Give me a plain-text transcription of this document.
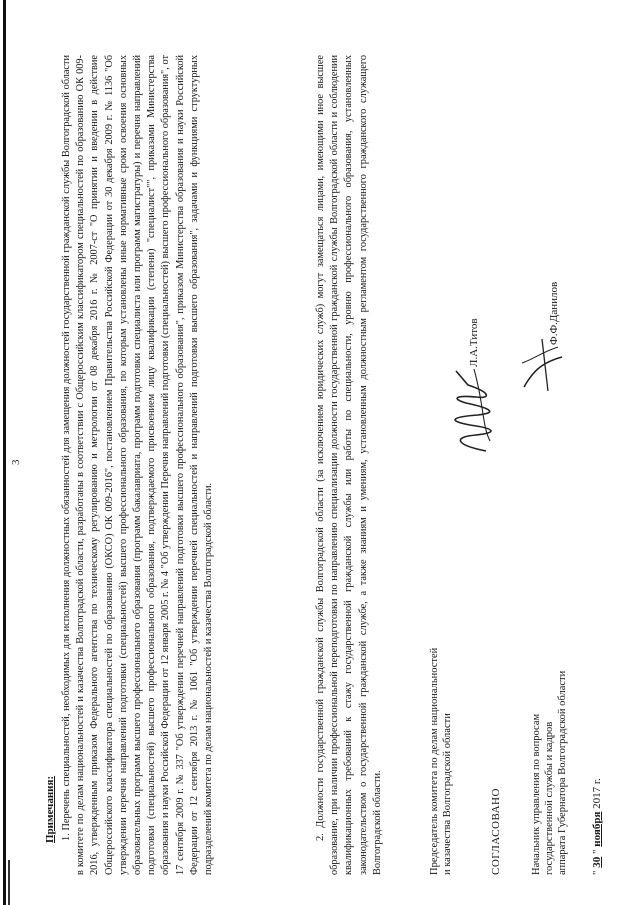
3
Примечания: 1. Перечень специальностей, необходимых для исполнения должностных обязанностей для замещения должностей государственной гражданской службы Волгоградской области в комитете по делам национальностей и казачества Волгоградской области, разработаны в соответствии с Общероссийским классификатором специальностей по образованию ОК 009-2016, утвержденным приказом Федерального агентства по техническому регулированию и метрологии от 08 декабря 2016 г. № 2007-ст "О принятии и введении в действие Общероссийского классификатора специальностей по образованию (ОКСО) ОК 009-2016", постановлением Правительства Российской Федерации от 30 декабря 2009 г. № 1136 "Об утверждении перечня направлений подготовки (специальностей) высшего профессионального образования, по которым установлены иные нормативные сроки освоения основных образовательных программ высшего профессионального образования (программ бакалавриата, программ подготовки специалиста или программ магистратуры) и перечня направлений подготовки (специальностей) высшего профессионального образования, подтверждаемого присвоением лицу квалификации (степени) "специалист"", приказами Министерства образования и науки Российской Федерации от 12 января 2005 г. № 4 "Об утверждении Перечня направлений подготовки (специальностей) высшего профессионального образования", от 17 сентября 2009 г. № 337 "Об утверждении перечней направлений подготовки высшего профессионального образования", приказом Министерства образования и науки Российской Федерации от 12 сентября 2013 г. № 1061 "Об утверждении перечней специальностей и направлений подготовки высшего образования", задачами и функциями структурных подразделений комитета по делам национальностей и казачества Волгоградской области.	2. Должности государственной гражданской службы Волгоградской области (за исключением юридических служб) могут замещаться лицами, имеющими иное высшее образование, при наличии профессиональной переподготовки по направлению специализации должности государственной гражданской службы Волгоградской области и соблюдении квалификационных требований к стажу государственной гражданской службы или работы по специальности, уровню профессионального образования, установленных законодательством о государственной гражданской службе, а также знаниям и умениям, установленным должностным регламентом государственного гражданского служащего Волгоградской области.	Председатель комитета по делам национальностей и казачества Волгоградской области
Л.А.Титов
СОГЛАСОВАНО	Начальник управления по вопросам государственной службы и кадров аппарата Губернатора Волгоградской области
Ф.Ф.Данилов
" 30 " ноября 2017 г.
